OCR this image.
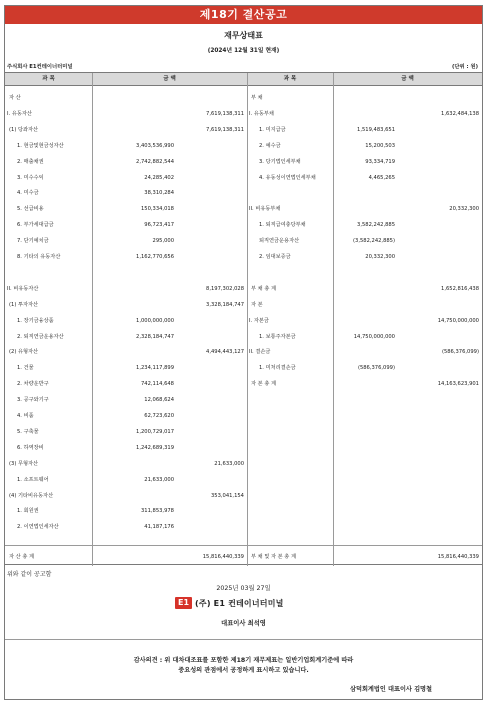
제18기 결산공고
재무상태표
(2024년 12월 31일 현재)
주식회사 E1컨테이너터미널	(단위 : 원)
과 목	금 액	과 목	금 액
자 산
I. 유동자산	7,619,138,311
(1) 당좌자산	7,619,138,311
1. 현금및현금성자산	3,403,536,990
2. 매출채권	2,742,882,544
3. 미수수익	24,285,402
4. 미수금	38,310,284
5. 선급비용	150,334,018
6. 부가세대급금	96,723,417
7. 단기예치금	295,000
8. 기타의 유동자산	1,162,770,656
II. 비유동자산	8,197,302,028
(1) 투자자산	3,328,184,747
1. 장기금융상품	1,000,000,000
2. 퇴직연금운용자산	2,328,184,747
(2) 유형자산	4,494,443,127
1. 건물	1,234,117,899
2. 차량운반구	742,114,648
3. 공구와기구	12,068,624
4. 비품	62,723,620
5. 구축물	1,200,729,017
6. 하역장비	1,242,689,319
(3) 무형자산	21,633,000
1. 소프트웨어	21,633,000
(4) 기타비유동자산	353,041,154
1. 회원권	311,853,978
2. 이연법인세자산	41,187,176
부 채
I. 유동부채	1,632,484,138
1. 미지급금	1,519,483,651
2. 예수금	15,200,503
3. 당기법인세부채	93,334,719
4. 유동성이연법인세부채	4,465,265
II. 비유동부채	20,332,300
1. 퇴직급여충당부채	3,582,242,885
퇴직연금운용자산	(3,582,242,885)
2. 임대보증금	20,332,300
부 채 총 계	1,652,816,438
자 본
I. 자본금	14,750,000,000
1. 보통주자본금	14,750,000,000
II. 결손금	(586,376,099)
1. 미처리결손금	(586,376,099)
자 본 총 계	14,163,623,901
자 산 총 계	15,816,440,339 부 채 및 자 본 총 계	15,816,440,339
위와 같이 공고함
2025년 03월 27일
E1 (주) E1 컨테이너터미널
대표이사 최석영
감사의견 : 위 대차대조표를 포함한 제18기 재무제표는 일반기업회계기준에 따라
중요성의 관점에서 공정하게 표시하고 있습니다.
삼덕회계법인 대표이사 김명철
